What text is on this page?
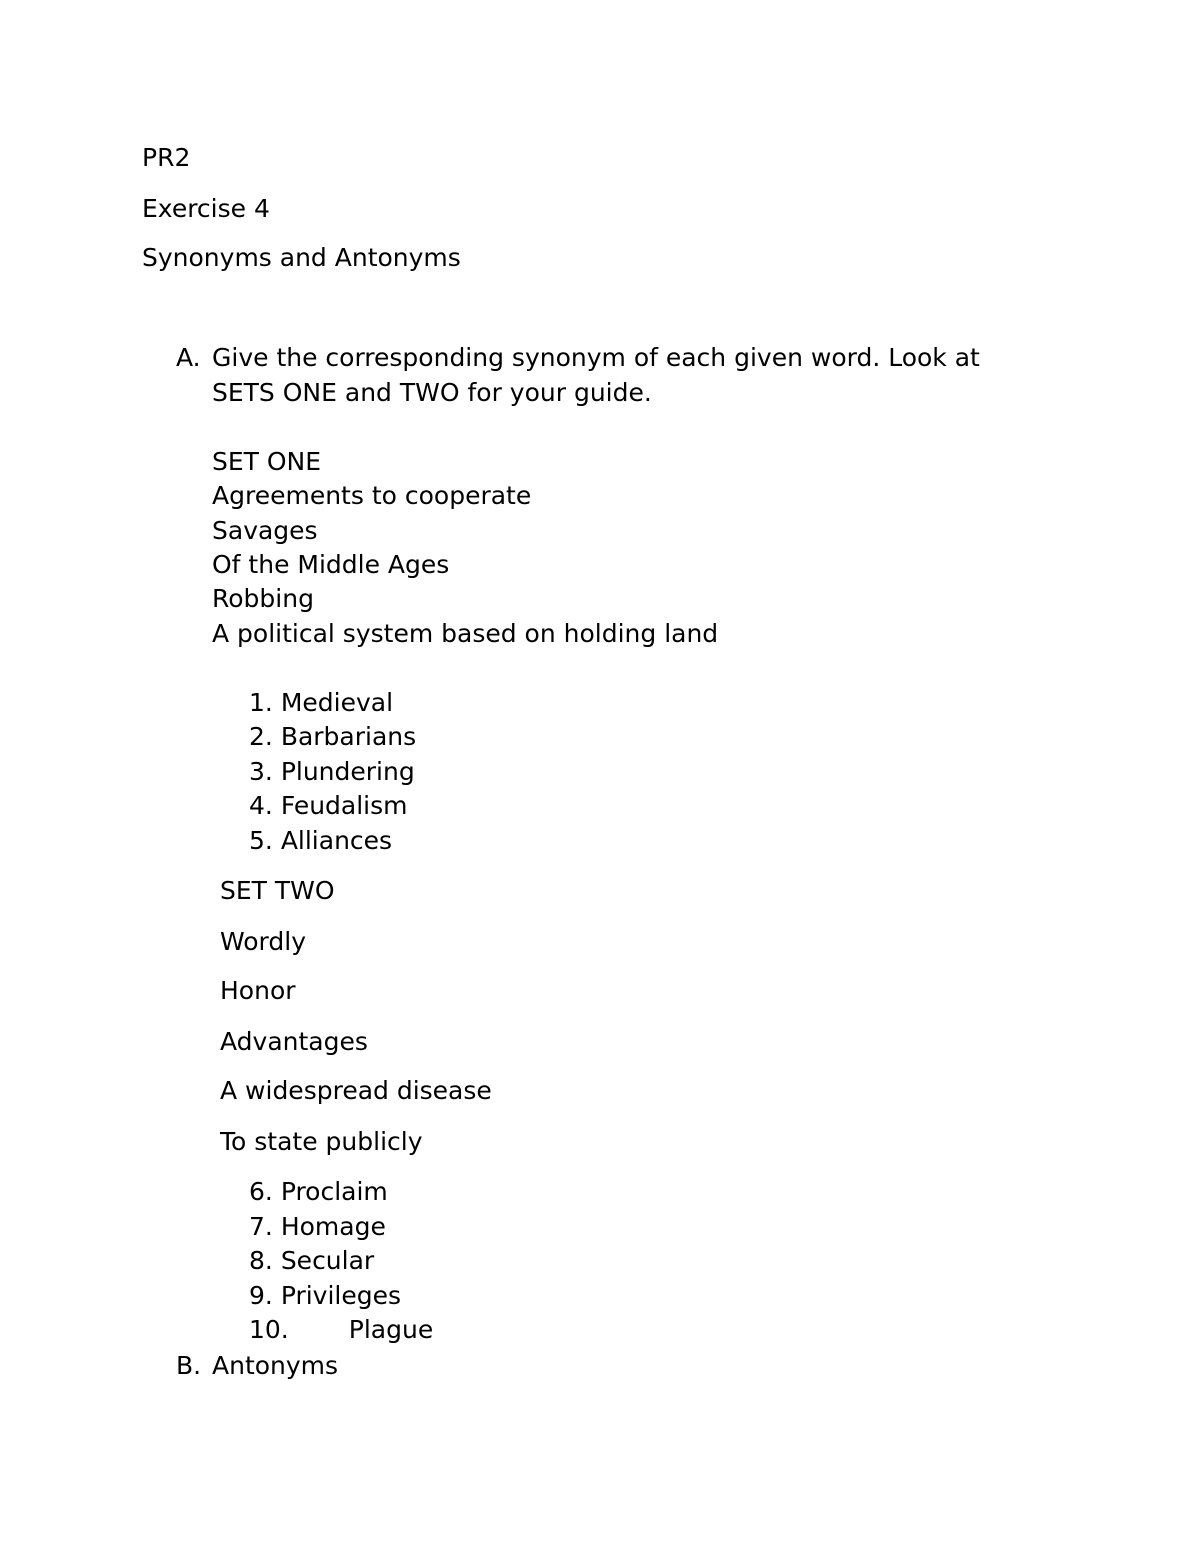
PR2

Exercise 4

Synonyms and Antonyms

A. Give the corresponding synonym of each given word. Look at

SETS ONE and TWO for your guide.

SET ONE

Agreements to cooperate

Savages

Of the Middle Ages

Robbing

A political system based on holding land

1. Medieval

2. Barbarians

3. Plundering

4. Feudalism

5. Alliances

SET TWO

Wordly

Honor

Advantages

A widespread disease

To state publicly

6. Proclaim

7. Homage

8. Secular

9. Privileges

10. Plague

B. Antonyms
